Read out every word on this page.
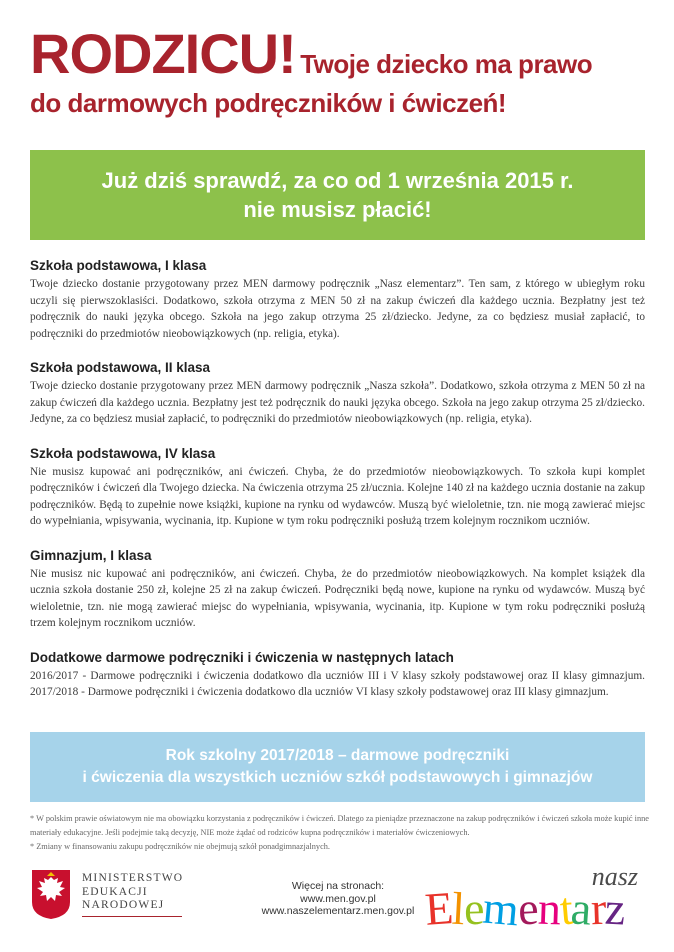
RODZICU! Twoje dziecko ma prawo
do darmowych podręczników i ćwiczeń!
Już dziś sprawdź, za co od 1 września 2015 r.
nie musisz płacić!
Szkoła podstawowa, I klasa

Twoje dziecko dostanie przygotowany przez MEN darmowy podręcznik „Nasz elementarz”. Ten sam, z którego w ubiegłym roku uczyli się pierwszoklasiści. Dodatkowo, szkoła otrzyma z MEN 50 zł na zakup ćwiczeń dla każdego ucznia. Bezpłatny jest też podręcznik do nauki języka obcego. Szkoła na jego zakup otrzyma 25 zł/dziecko. Jedyne, za co będziesz musiał zapłacić, to podręczniki do przedmiotów nieobowiązkowych (np. religia, etyka).

Szkoła podstawowa, II klasa

Twoje dziecko dostanie przygotowany przez MEN darmowy podręcznik „Nasza szkoła”. Dodatkowo, szkoła otrzyma z MEN 50 zł na zakup ćwiczeń dla każdego ucznia. Bezpłatny jest też podręcznik do nauki języka obcego. Szkoła na jego zakup otrzyma 25 zł/dziecko. Jedyne, za co będziesz musiał zapłacić, to podręczniki do przedmiotów nieobowiązkowych (np. religia, etyka).

Szkoła podstawowa, IV klasa

Nie musisz kupować ani podręczników, ani ćwiczeń. Chyba, że do przedmiotów nieobowiązkowych. To szkoła kupi komplet podręczników i ćwiczeń dla Twojego dziecka. Na ćwiczenia otrzyma 25 zł/ucznia. Kolejne 140 zł na każdego ucznia dostanie na zakup podręczników. Będą to zupełnie nowe książki, kupione na rynku od wydawców. Muszą być wieloletnie, tzn. nie mogą zawierać miejsc do wypełniania, wpisywania, wycinania, itp. Kupione w tym roku podręczniki posłużą trzem kolejnym rocznikom uczniów.

Gimnazjum, I klasa

Nie musisz nic kupować ani podręczników, ani ćwiczeń. Chyba, że do przedmiotów nieobowiązkowych. Na komplet książek dla ucznia szkoła dostanie 250 zł, kolejne 25 zł na zakup ćwiczeń. Podręczniki będą nowe, kupione na rynku od wydawców. Muszą być wieloletnie, tzn. nie mogą zawierać miejsc do wypełniania, wpisywania, wycinania, itp. Kupione w tym roku podręczniki posłużą trzem kolejnym rocznikom uczniów.

Dodatkowe darmowe podręczniki i ćwiczenia w następnych latach

2016/2017 - Darmowe podręczniki i ćwiczenia dodatkowo dla uczniów III i V klasy szkoły podstawowej oraz II klasy gimnazjum. 2017/2018 - Darmowe podręczniki i ćwiczenia dodatkowo dla uczniów VI klasy szkoły podstawowej oraz III klasy gimnazjum.

Rok szkolny 2017/2018 – darmowe podręczniki
i ćwiczenia dla wszystkich uczniów szkół podstawowych i gimnazjów
* W polskim prawie oświatowym nie ma obowiązku korzystania z podręczników i ćwiczeń. Dlatego za pieniądze przeznaczone na zakup podręczników i ćwiczeń szkoła może kupić inne materiały edukacyjne. Jeśli podejmie taką decyzję, NIE może żądać od rodziców kupna podręczników i materiałów ćwiczeniowych.
* Zmiany w finansowaniu zakupu podręczników nie obejmują szkół ponadgimnazjalnych.
MINISTERSTWO
EDUKACJI
NARODOWEJ
Więcej na stronach:
www.men.gov.pl
www.naszelementarz.men.gov.pl
nasz
Elementarz
